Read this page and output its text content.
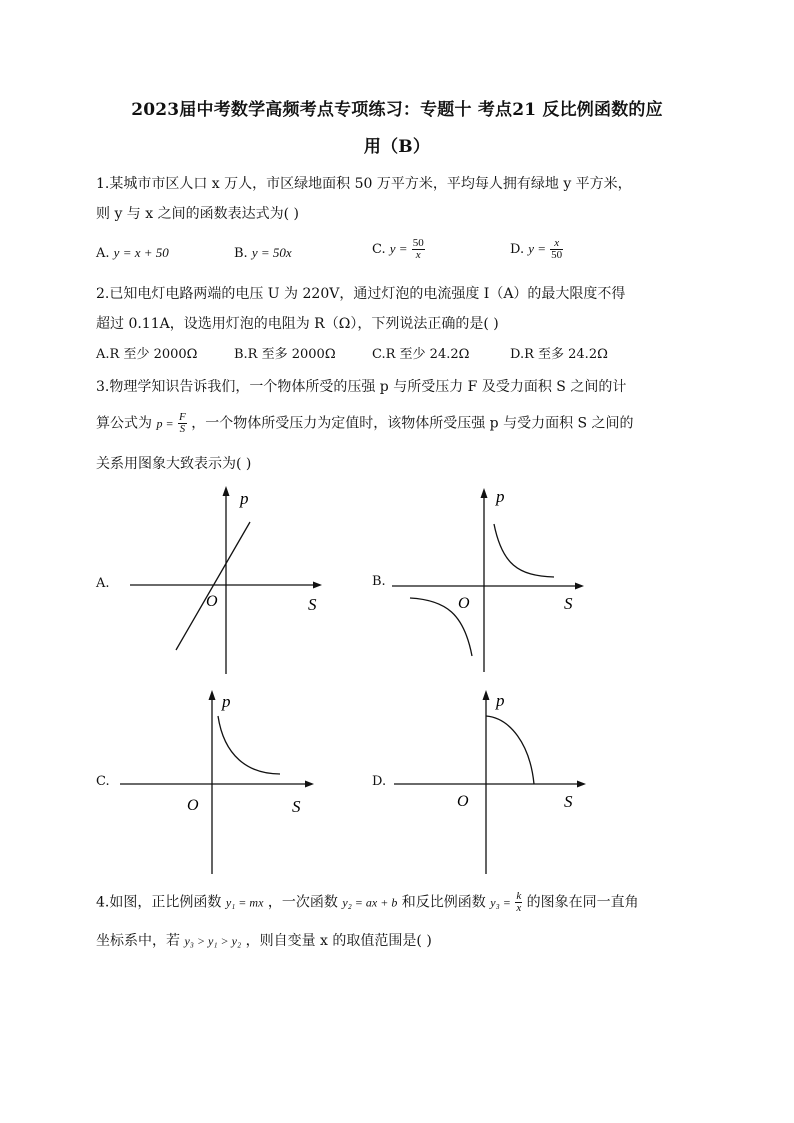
2023届中考数学高频考点专项练习：专题十 考点21 反比例函数的应
用（B）
1.某城市市区人口 x 万人，市区绿地面积 50 万平方米，平均每人拥有绿地 y 平方米，
则 y 与 x 之间的函数表达式为( )
A. y = x + 50	B. y = 50x	C. $y = \frac{50}{x}$	D. $y = \frac{x}{50}$
2.已知电灯电路两端的电压 U 为 220V，通过灯泡的电流强度 I（A）的最大限度不得
超过 0.11A，设选用灯泡的电阻为 R（Ω），下列说法正确的是( )
A.R 至少 2000Ω	B.R 至多 2000Ω	C.R 至少 24.2Ω	D.R 至多 24.2Ω
3.物理学知识告诉我们，一个物体所受的压强 p 与所受压力 F 及受力面积 S 之间的计
算公式为 $p = \frac{F}{S}$ ，一个物体所受压力为定值时，该物体所受压强 p 与受力面积 S 之间的
关系用图象大致表示为( )
A.
p
S
O
B.
p
S
O
C.
p
S
O
D.
p
S
O
4.如图，正比例函数 y₁ = mx ，一次函数 y₂ = ax + b 和反比例函数 $y_3 = \frac{k}{x}$ 的图象在同一直角
坐标系中，若 y₃ > y₁ > y₂ ，则自变量 x 的取值范围是( )
